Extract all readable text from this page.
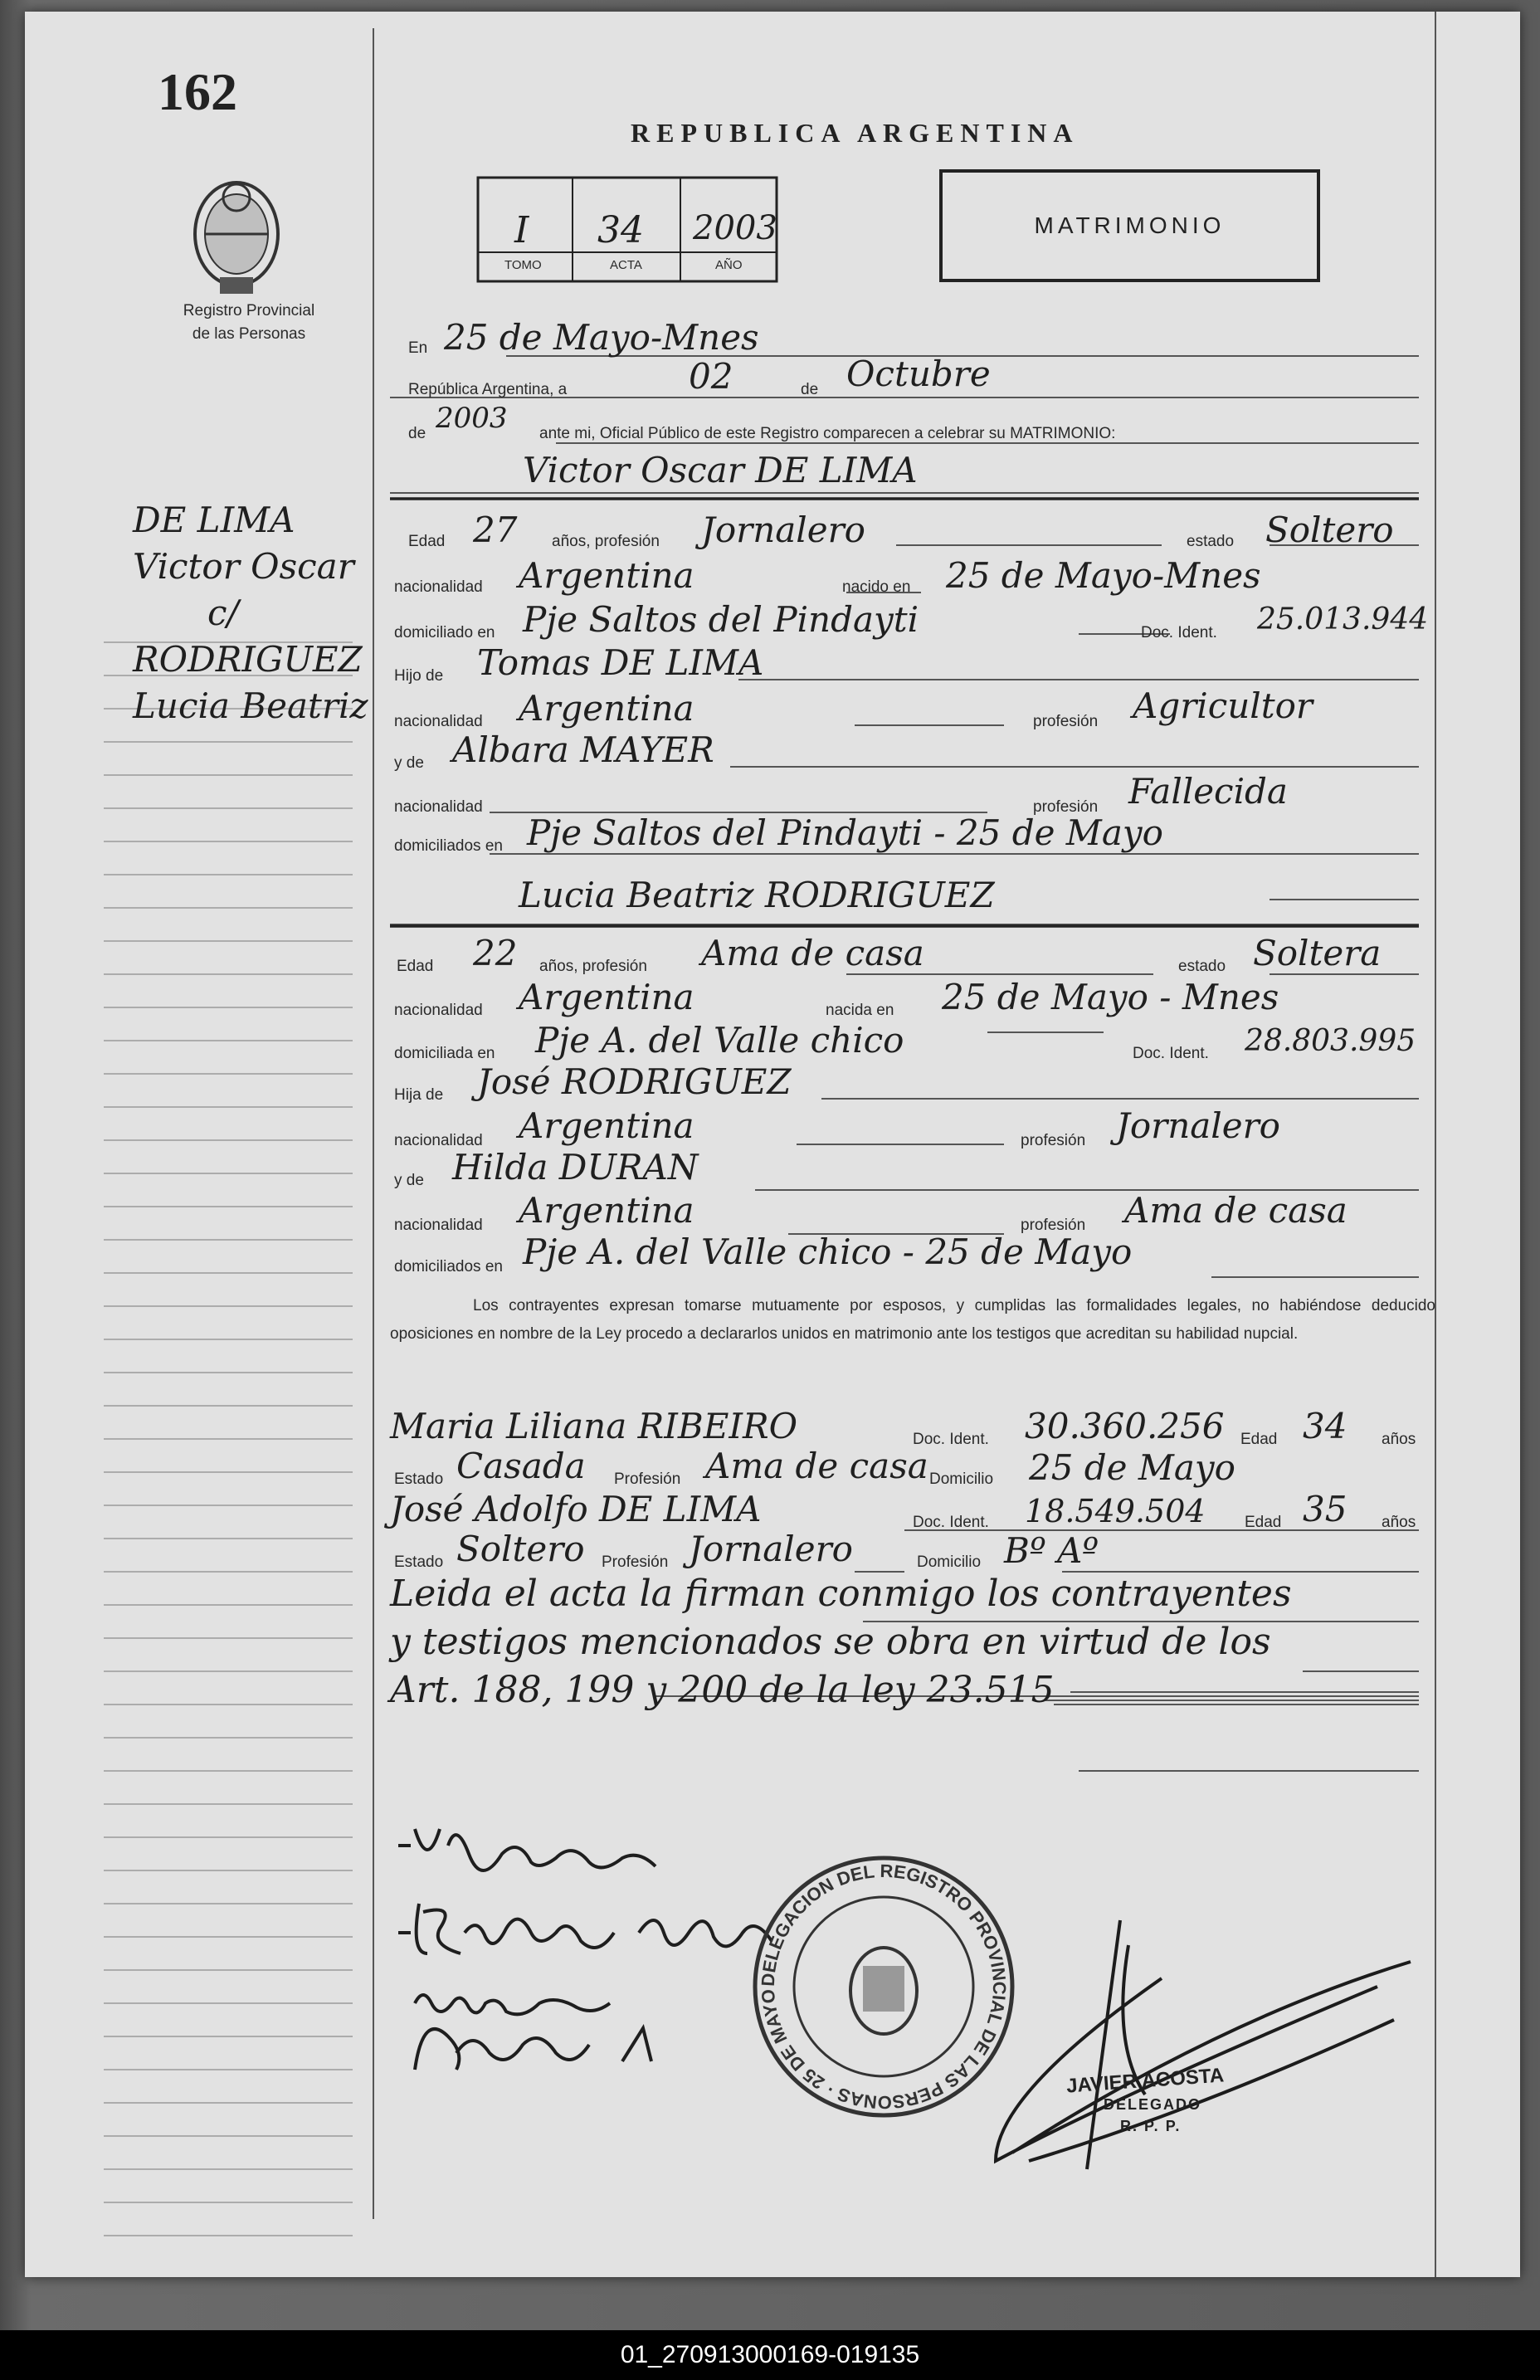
162
Registro Provincial
de las Personas
DE LIMA
Victor Oscar
c/
RODRIGUEZ
Lucia Beatriz
REPUBLICA ARGENTINA
I 34 2003
TOMO	ACTA	AÑO
MATRIMONIO
En 25 de Mayo-Mnes
República Argentina, a	02	de Octubre
de 2003 ante mi, Oficial Público de este Registro comparecen a celebrar su MATRIMONIO:
Victor Oscar DE LIMA
Edad 27 años, profesión Jornalero	estado Soltero
nacionalidad Argentina	nacido en 25 de Mayo-Mnes
domiciliado en Pje Saltos del Pindayti	Doc. Ident. 25.013.944
Hijo de Tomas DE LIMA
nacionalidad Argentina	profesión Agricultor
y de Albara MAYER
nacionalidad	profesión Fallecida
domiciliados en Pje Saltos del Pindayti - 25 de Mayo
Lucia Beatriz RODRIGUEZ
Edad 22 años, profesión Ama de casa	estado Soltera
nacionalidad Argentina	nacida en 25 de Mayo - Mnes
domiciliada en Pje A. del Valle chico	Doc. Ident. 28.803.995
Hija de José RODRIGUEZ
nacionalidad Argentina	profesión Jornalero
y de Hilda DURAN
nacionalidad Argentina	profesión Ama de casa
domiciliados en Pje A. del Valle chico - 25 de Mayo
Los contrayentes expresan tomarse mutuamente por esposos, y cumplidas las formalidades legales, no habiéndose deducido oposiciones en nombre de la Ley procedo a declararlos unidos en matrimonio ante los testigos que acreditan su habilidad nupcial.
Maria Liliana RIBEIRO	Doc. Ident. 30.360.256 Edad 34 años
Estado Casada Profesión Ama de casa Domicilio 25 de Mayo
José Adolfo DE LIMA	Doc. Ident. 18.549.504 Edad 35 años
Estado Soltero Profesión Jornalero	Domicilio Bº Aº
Leida el acta la firman conmigo los contrayentes
y testigos mencionados se obra en virtud de los
Art. 188, 199 y 200 de la ley 23.515
DELEGACION DEL REGISTRO PROVINCIAL DE LAS PERSONAS · 25 DE MAYO
JAVIER ACOSTA
DELEGADO
R. P. P.
01_270913000169-019135
